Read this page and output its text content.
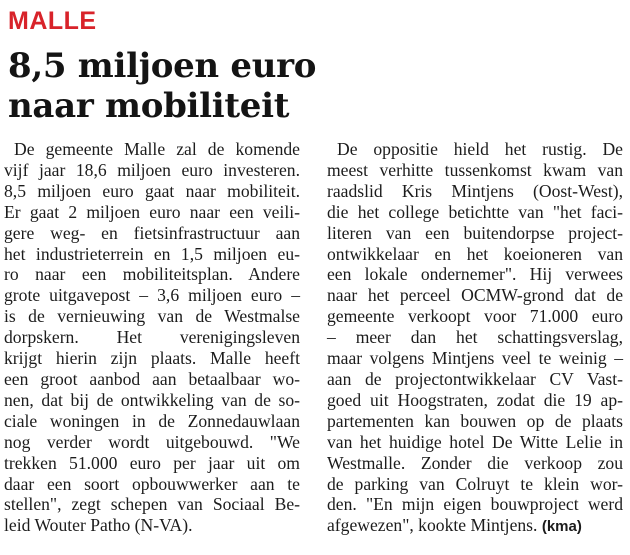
MALLE

8,5 miljoen euro
naar mobiliteit
De gemeente Malle zal de komende
vijf jaar 18,6 miljoen euro investeren.
8,5 miljoen euro gaat naar mobiliteit.
Er gaat 2 miljoen euro naar een veili-
gere weg- en fietsinfrastructuur aan
het industrieterrein en 1,5 miljoen eu-
ro naar een mobiliteitsplan. Andere
grote uitgavepost – 3,6 miljoen euro –
is de vernieuwing van de Westmalse
dorpskern. Het verenigingsleven
krijgt hierin zijn plaats. Malle heeft
een groot aanbod aan betaalbaar wo-
nen, dat bij de ontwikkeling van de so-
ciale woningen in de Zonnedauwlaan
nog verder wordt uitgebouwd. "We
trekken 51.000 euro per jaar uit om
daar een soort opbouwwerker aan te
stellen", zegt schepen van Sociaal Be-
leid Wouter Patho (N-VA).
De oppositie hield het rustig. De
meest verhitte tussenkomst kwam van
raadslid Kris Mintjens (Oost-West),
die het college betichtte van "het faci-
literen van een buitendorpse project-
ontwikkelaar en het koeioneren van
een lokale ondernemer". Hij verwees
naar het perceel OCMW-grond dat de
gemeente verkoopt voor 71.000 euro
– meer dan het schattingsverslag,
maar volgens Mintjens veel te weinig –
aan de projectontwikkelaar CV Vast-
goed uit Hoogstraten, zodat die 19 ap-
partementen kan bouwen op de plaats
van het huidige hotel De Witte Lelie in
Westmalle. Zonder die verkoop zou
de parking van Colruyt te klein wor-
den. "En mijn eigen bouwproject werd
afgewezen", kookte Mintjens. (kma)
